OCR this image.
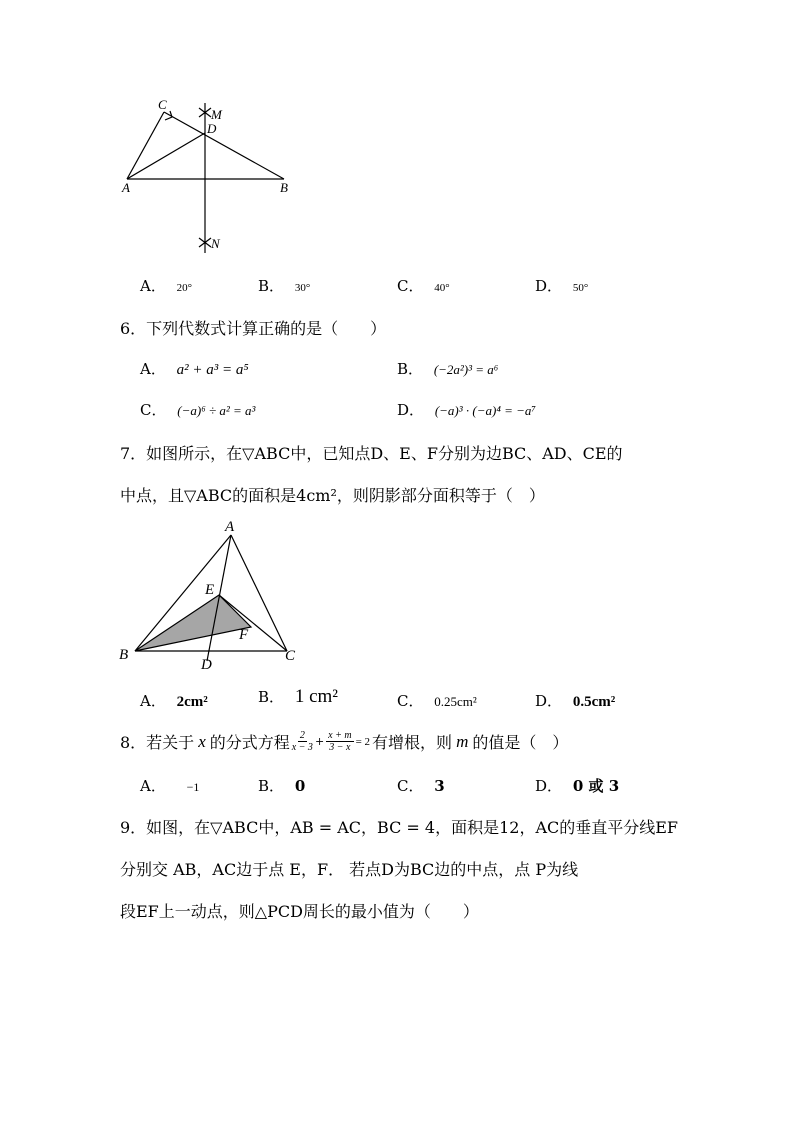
C
M
D
A	B
N
A． 20°	B． 30°	C． 40°	D． 50°
6．下列代数式计算正确的是（　　）
A． a² + a³ = a⁵	B． (−2a²)³ = a⁶
C． (−a)⁶ ÷ a² = a³	D． (−a)³ · (−a)⁴ = −a⁷
7．如图所示，在▽ABC中，已知点D、E、F分别为边BC、AD、CE的
中点，且▽ABC的面积是4cm²，则阴影部分面积等于（　）
A
E
F
B
D
C
A． 2cm²	B． 1 cm²	C． 0.25cm²	D． 0.5cm²
8．若关于 x 的分式方程 2
$x - 3 + \frac{x + m}{3 - x} = 2$ 有增根，则 m 的值是（　）
A． −1	B． 0	C． 3	D． 0 或 3
9．如图，在▽ABC中，AB = AC，BC = 4，面积是12，AC的垂直平分线EF
分别交 AB，AC边于点 E，F． 若点D为BC边的中点，点 P为线
段EF上一动点，则△PCD周长的最小值为（　　）
